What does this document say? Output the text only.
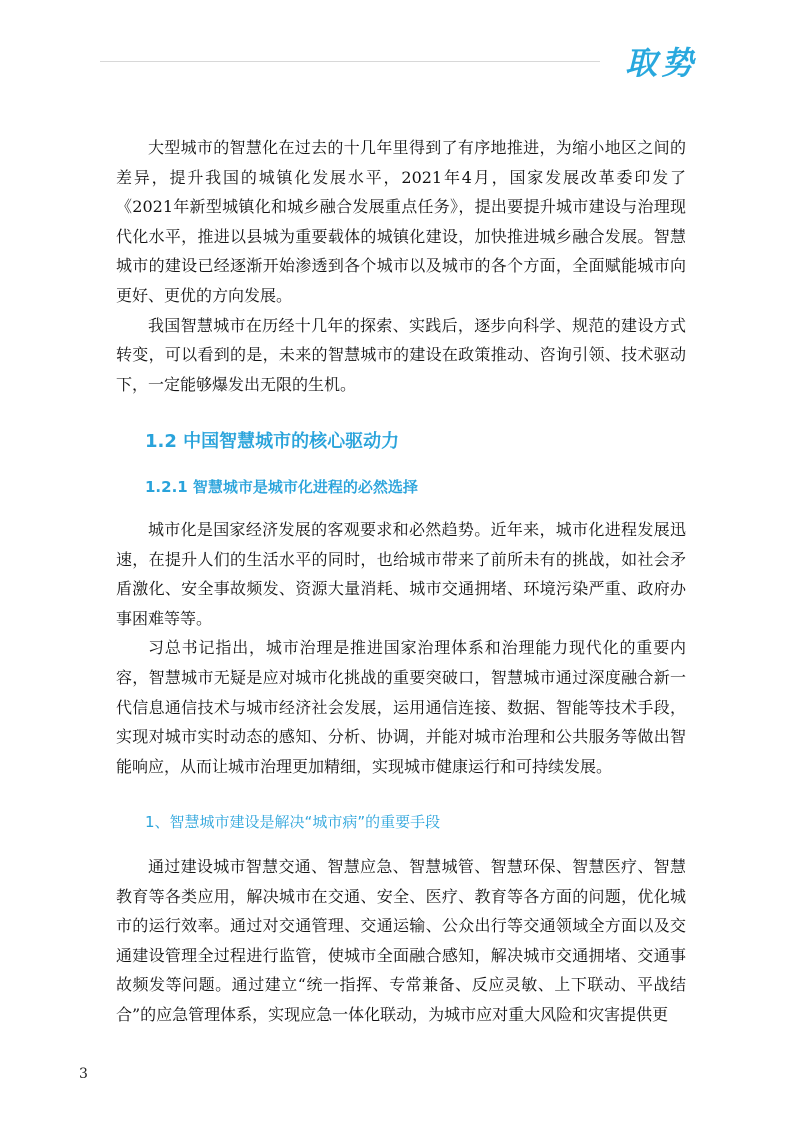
取势

大型城市的智慧化在过去的十几年里得到了有序地推进，为缩小地区之间的差异，提升我国的城镇化发展水平，2021年4月，国家发展改革委印发了《2021年新型城镇化和城乡融合发展重点任务》，提出要提升城市建设与治理现代化水平，推进以县城为重要载体的城镇化建设，加快推进城乡融合发展。智慧城市的建设已经逐渐开始渗透到各个城市以及城市的各个方面，全面赋能城市向更好、更优的方向发展。

我国智慧城市在历经十几年的探索、实践后，逐步向科学、规范的建设方式转变，可以看到的是，未来的智慧城市的建设在政策推动、咨询引领、技术驱动下，一定能够爆发出无限的生机。

1.2 中国智慧城市的核心驱动力
1.2.1 智慧城市是城市化进程的必然选择

城市化是国家经济发展的客观要求和必然趋势。近年来，城市化进程发展迅速，在提升人们的生活水平的同时，也给城市带来了前所未有的挑战，如社会矛盾激化、安全事故频发、资源大量消耗、城市交通拥堵、环境污染严重、政府办事困难等等。

习总书记指出，城市治理是推进国家治理体系和治理能力现代化的重要内容，智慧城市无疑是应对城市化挑战的重要突破口，智慧城市通过深度融合新一代信息通信技术与城市经济社会发展，运用通信连接、数据、智能等技术手段，实现对城市实时动态的感知、分析、协调，并能对城市治理和公共服务等做出智能响应，从而让城市治理更加精细，实现城市健康运行和可持续发展。

1、智慧城市建设是解决“城市病”的重要手段

通过建设城市智慧交通、智慧应急、智慧城管、智慧环保、智慧医疗、智慧教育等各类应用，解决城市在交通、安全、医疗、教育等各方面的问题，优化城市的运行效率。通过对交通管理、交通运输、公众出行等交通领域全方面以及交通建设管理全过程进行监管，使城市全面融合感知，解决城市交通拥堵、交通事故频发等问题。通过建立“统一指挥、专常兼备、反应灵敏、上下联动、平战结合”的应急管理体系，实现应急一体化联动，为城市应对重大风险和灾害提供更

3
